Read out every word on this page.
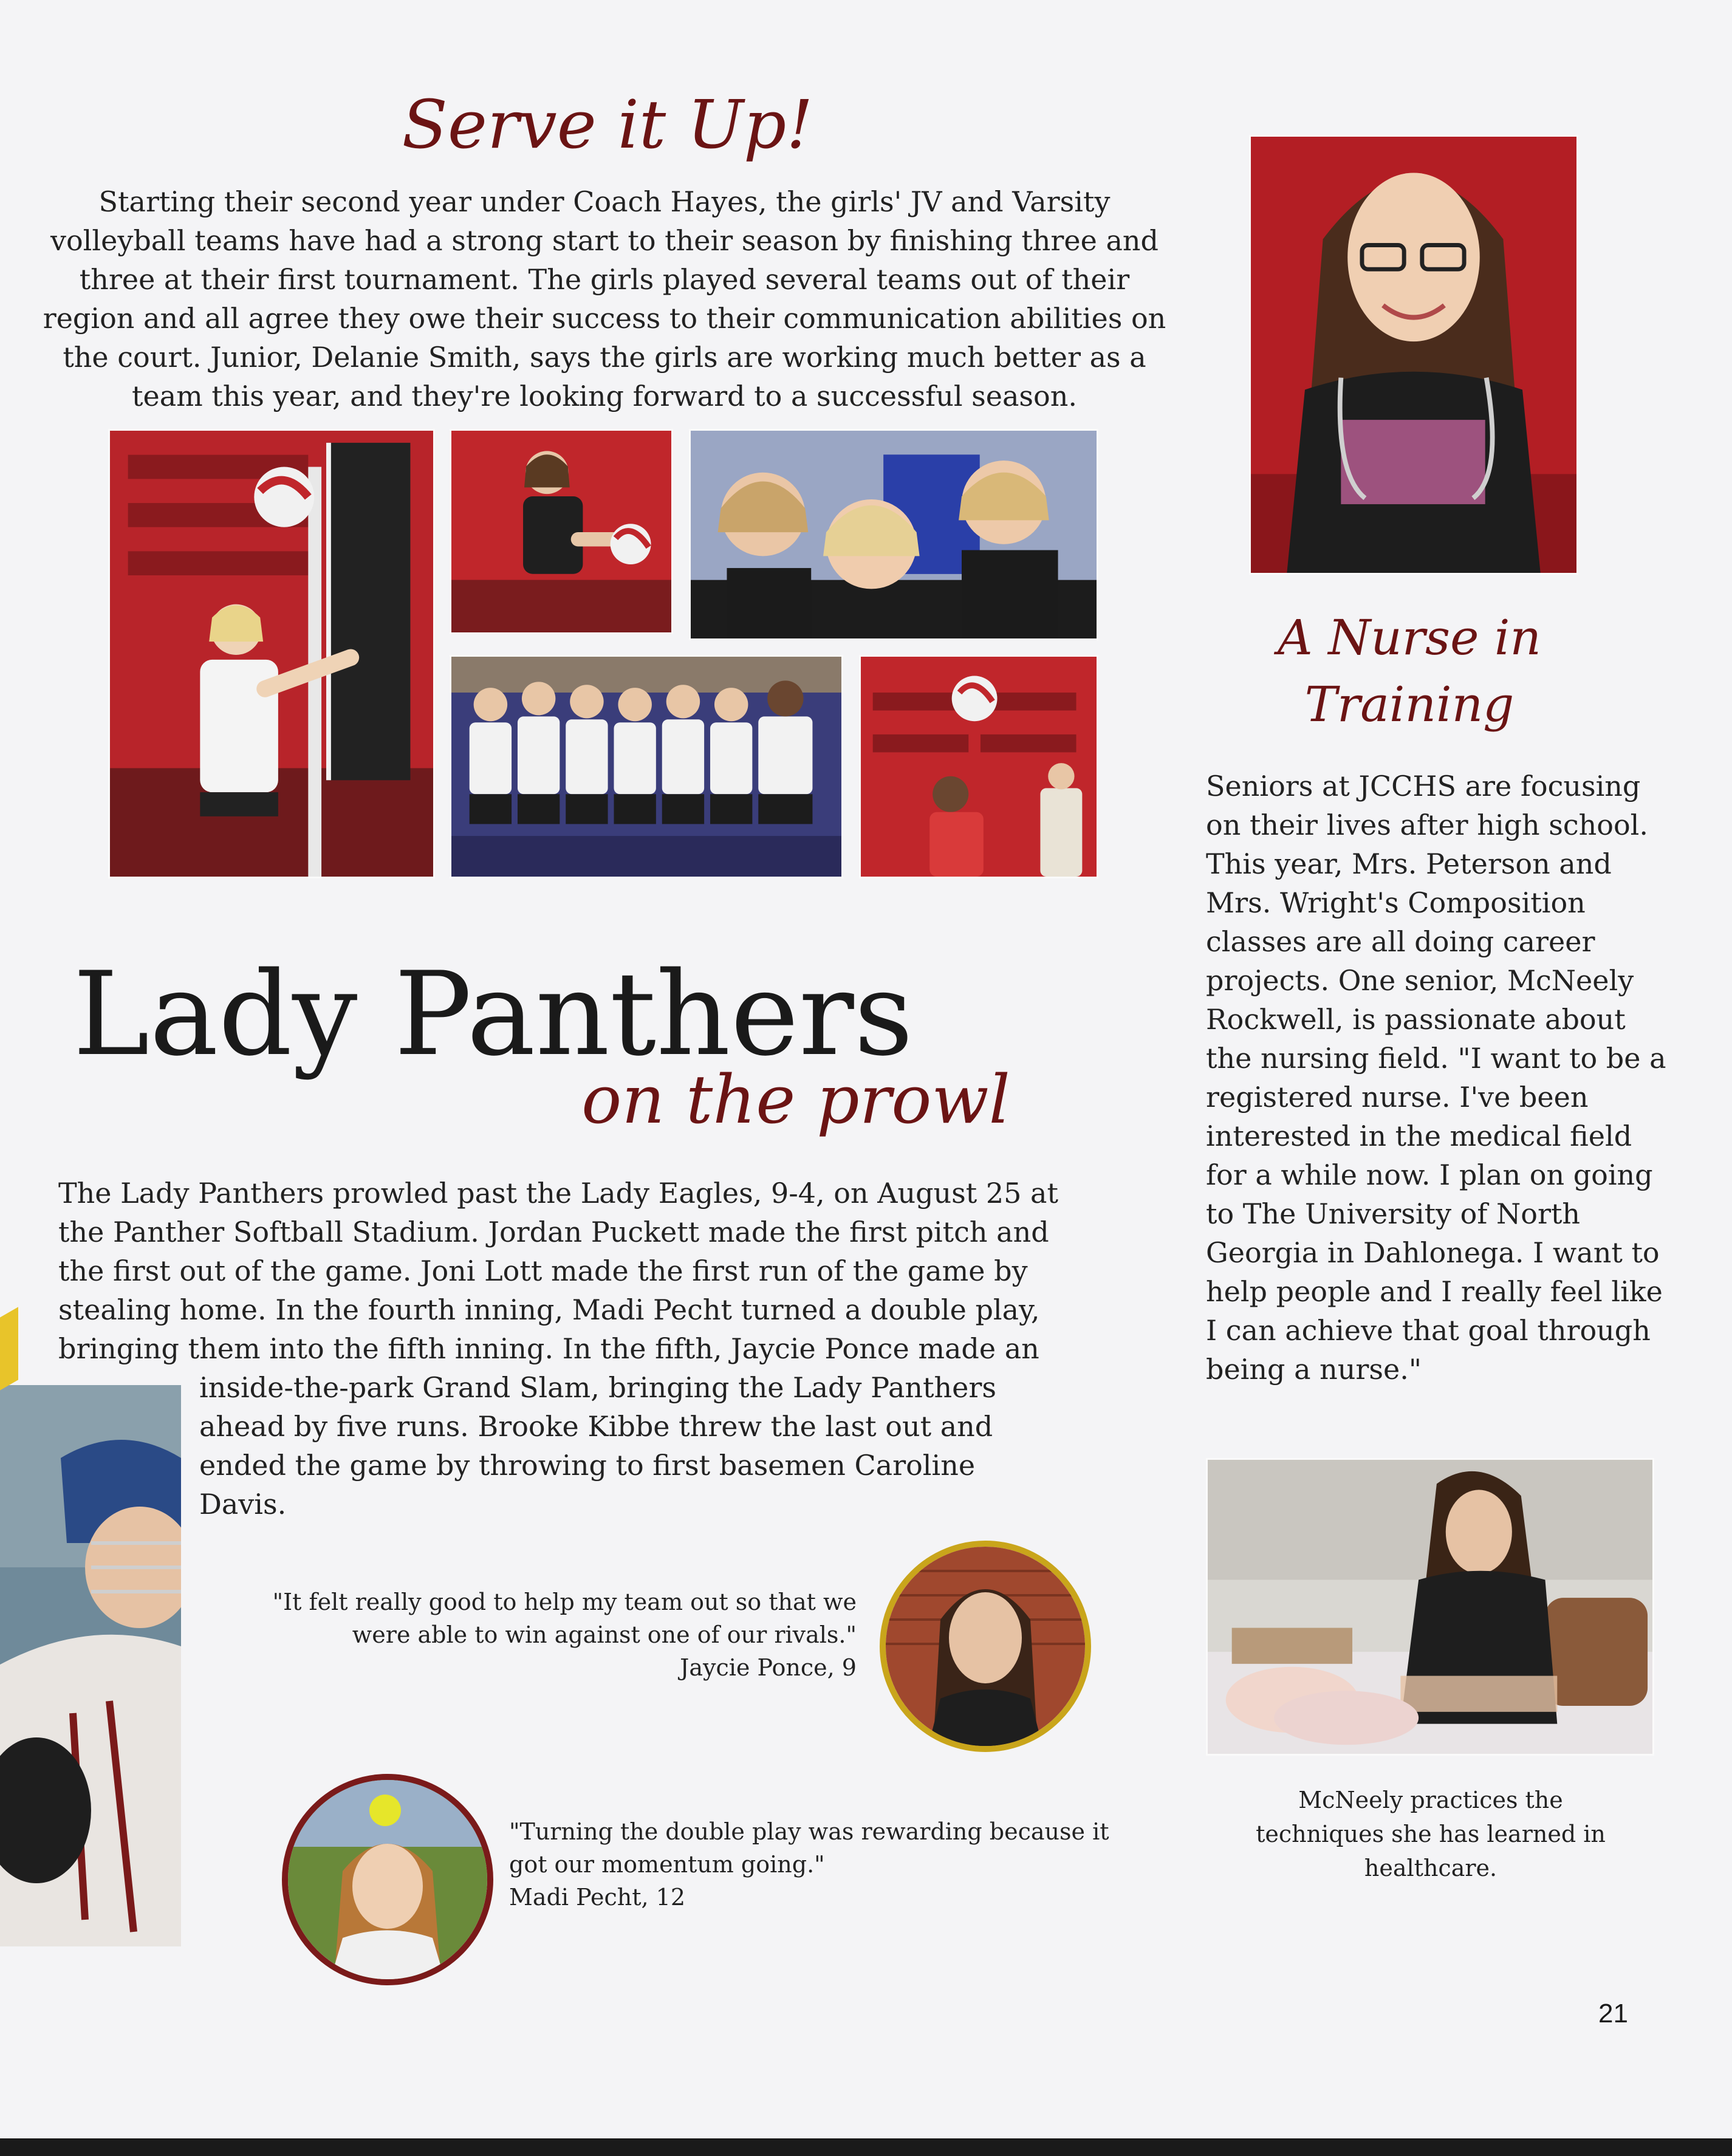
Serve it Up!
Starting their second year under Coach Hayes, the girls' JV and Varsity volleyball teams have had a strong start to their season by finishing three and three at their first tournament. The girls played several teams out of their region and all agree they owe their success to their communication abilities on the court. Junior, Delanie Smith, says the girls are working much better as a team this year, and they're looking forward to a successful season.
A Nurse in
Training
Seniors at JCCHS are focusing on their lives after high school. This year, Mrs. Peterson and Mrs. Wright's Composition classes are all doing career projects. One senior, McNeely Rockwell, is passionate about the nursing field. "I want to be a registered nurse. I've been interested in the medical field for a while now. I plan on going to The University of North Georgia in Dahlonega. I want to help people and I really feel like I can achieve that goal through being a nurse."
McNeely practices the techniques she has learned in healthcare.
Lady Panthers
on the prowl
The Lady Panthers prowled past the Lady Eagles, 9-4, on August 25 at
the Panther Softball Stadium. Jordan Puckett made the first pitch and
the first out of the game. Joni Lott made the first run of the game by
stealing home. In the fourth inning, Madi Pecht turned a double play,
bringing them into the fifth inning. In the fifth, Jaycie Ponce made an
inside-the-park Grand Slam, bringing the Lady Panthers ahead by five runs. Brooke Kibbe threw the last out and ended the game by throwing to first basemen Caroline Davis.
"It felt really good to help my team out so that we were able to win against one of our rivals."
Jaycie Ponce, 9
"Turning the double play was rewarding because it got our momentum going."
Madi Pecht, 12
21
